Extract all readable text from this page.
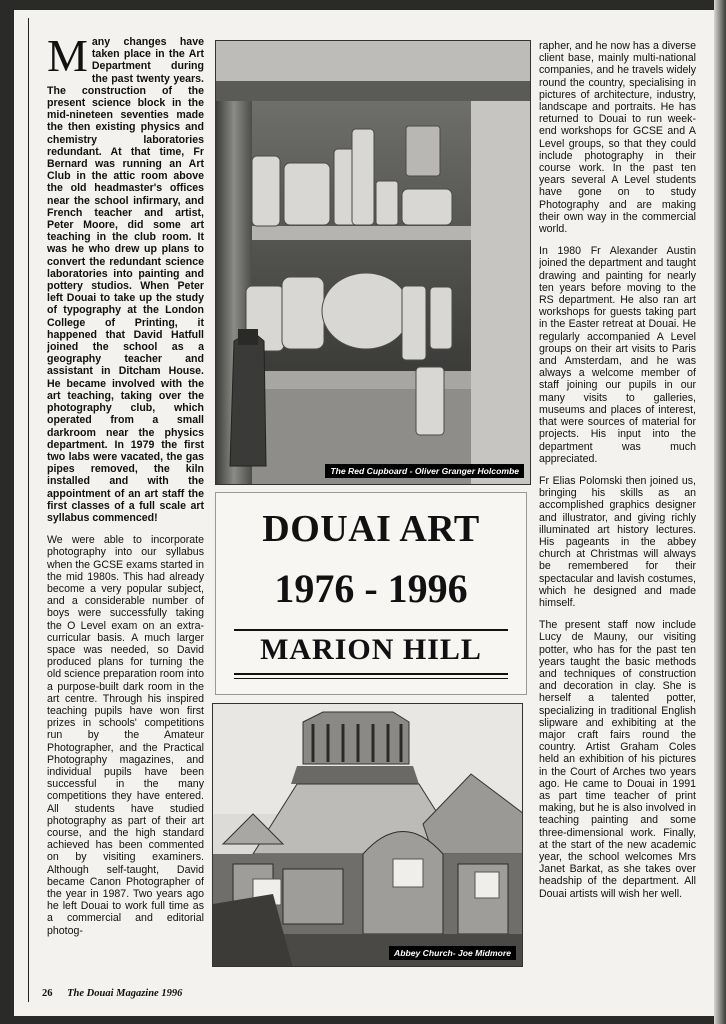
Many changes have taken place in the Art Department during the past twenty years. The construction of the present science block in the mid-nineteen seventies made the then existing physics and chemistry laboratories redundant. At that time, Fr Bernard was running an Art Club in the attic room above the old headmaster's offices near the school infirmary, and French teacher and artist, Peter Moore, did some art teaching in the club room. It was he who drew up plans to convert the redundant science laboratories into painting and pottery studios. When Peter left Douai to take up the study of typography at the London College of Printing, it happened that David Hatfull joined the school as a geography teacher and assistant in Ditcham House. He became involved with the art teaching, taking over the photography club, which operated from a small darkroom near the physics department. In 1979 the first two labs were vacated, the gas pipes removed, the kiln installed and with the appointment of an art staff the first classes of a full scale art syllabus commenced!

We were able to incorporate photography into our syllabus when the GCSE exams started in the mid 1980s. This had already become a very popular subject, and a considerable number of boys were successfully taking the O Level exam on an extra-curricular basis. A much larger space was needed, so David produced plans for turning the old science preparation room into a purpose-built dark room in the art centre. Through his inspired teaching pupils have won first prizes in schools' competitions run by the Amateur Photographer, and the Practical Photography magazines, and individual pupils have been successful in the many competitions they have entered. All students have studied photography as part of their art course, and the high standard achieved has been commented on by visiting examiners. Although self-taught, David became Canon Photographer of the year in 1987. Two years ago he left Douai to work full time as a commercial and editorial photog-

The Red Cupboard - Oliver Granger Holcombe
DOUAI ART
1976 - 1996
MARION HILL
Abbey Church- Joe Midmore

rapher, and he now has a diverse client base, mainly multi-national companies, and he travels widely round the country, specialising in pictures of architecture, industry, landscape and portraits. He has returned to Douai to run week-end workshops for GCSE and A Level groups, so that they could include photography in their course work. In the past ten years several A Level students have gone on to study Photography and are making their own way in the commercial world.

In 1980 Fr Alexander Austin joined the department and taught drawing and painting for nearly ten years before moving to the RS department. He also ran art workshops for guests taking part in the Easter retreat at Douai. He regularly accompanied A Level groups on their art visits to Paris and Amsterdam, and he was always a welcome member of staff joining our pupils in our many visits to galleries, museums and places of interest, that were sources of material for projects. His input into the department was much appreciated.

Fr Elias Polomski then joined us, bringing his skills as an accomplished graphics designer and illustrator, and giving richly illuminated art history lectures. His pageants in the abbey church at Christmas will always be remembered for their spectacular and lavish costumes, which he designed and made himself.

The present staff now include Lucy de Mauny, our visiting potter, who has for the past ten years taught the basic methods and techniques of construction and decoration in clay. She is herself a talented potter, specializing in traditional English slipware and exhibiting at the major craft fairs round the country. Artist Graham Coles held an exhibition of his pictures in the Court of Arches two years ago. He came to Douai in 1991 as part time teacher of print making, but he is also involved in teaching painting and some three-dimensional work. Finally, at the start of the new academic year, the school welcomes Mrs Janet Barkat, as she takes over headship of the department. All Douai artists will wish her well.

26 The Douai Magazine 1996
